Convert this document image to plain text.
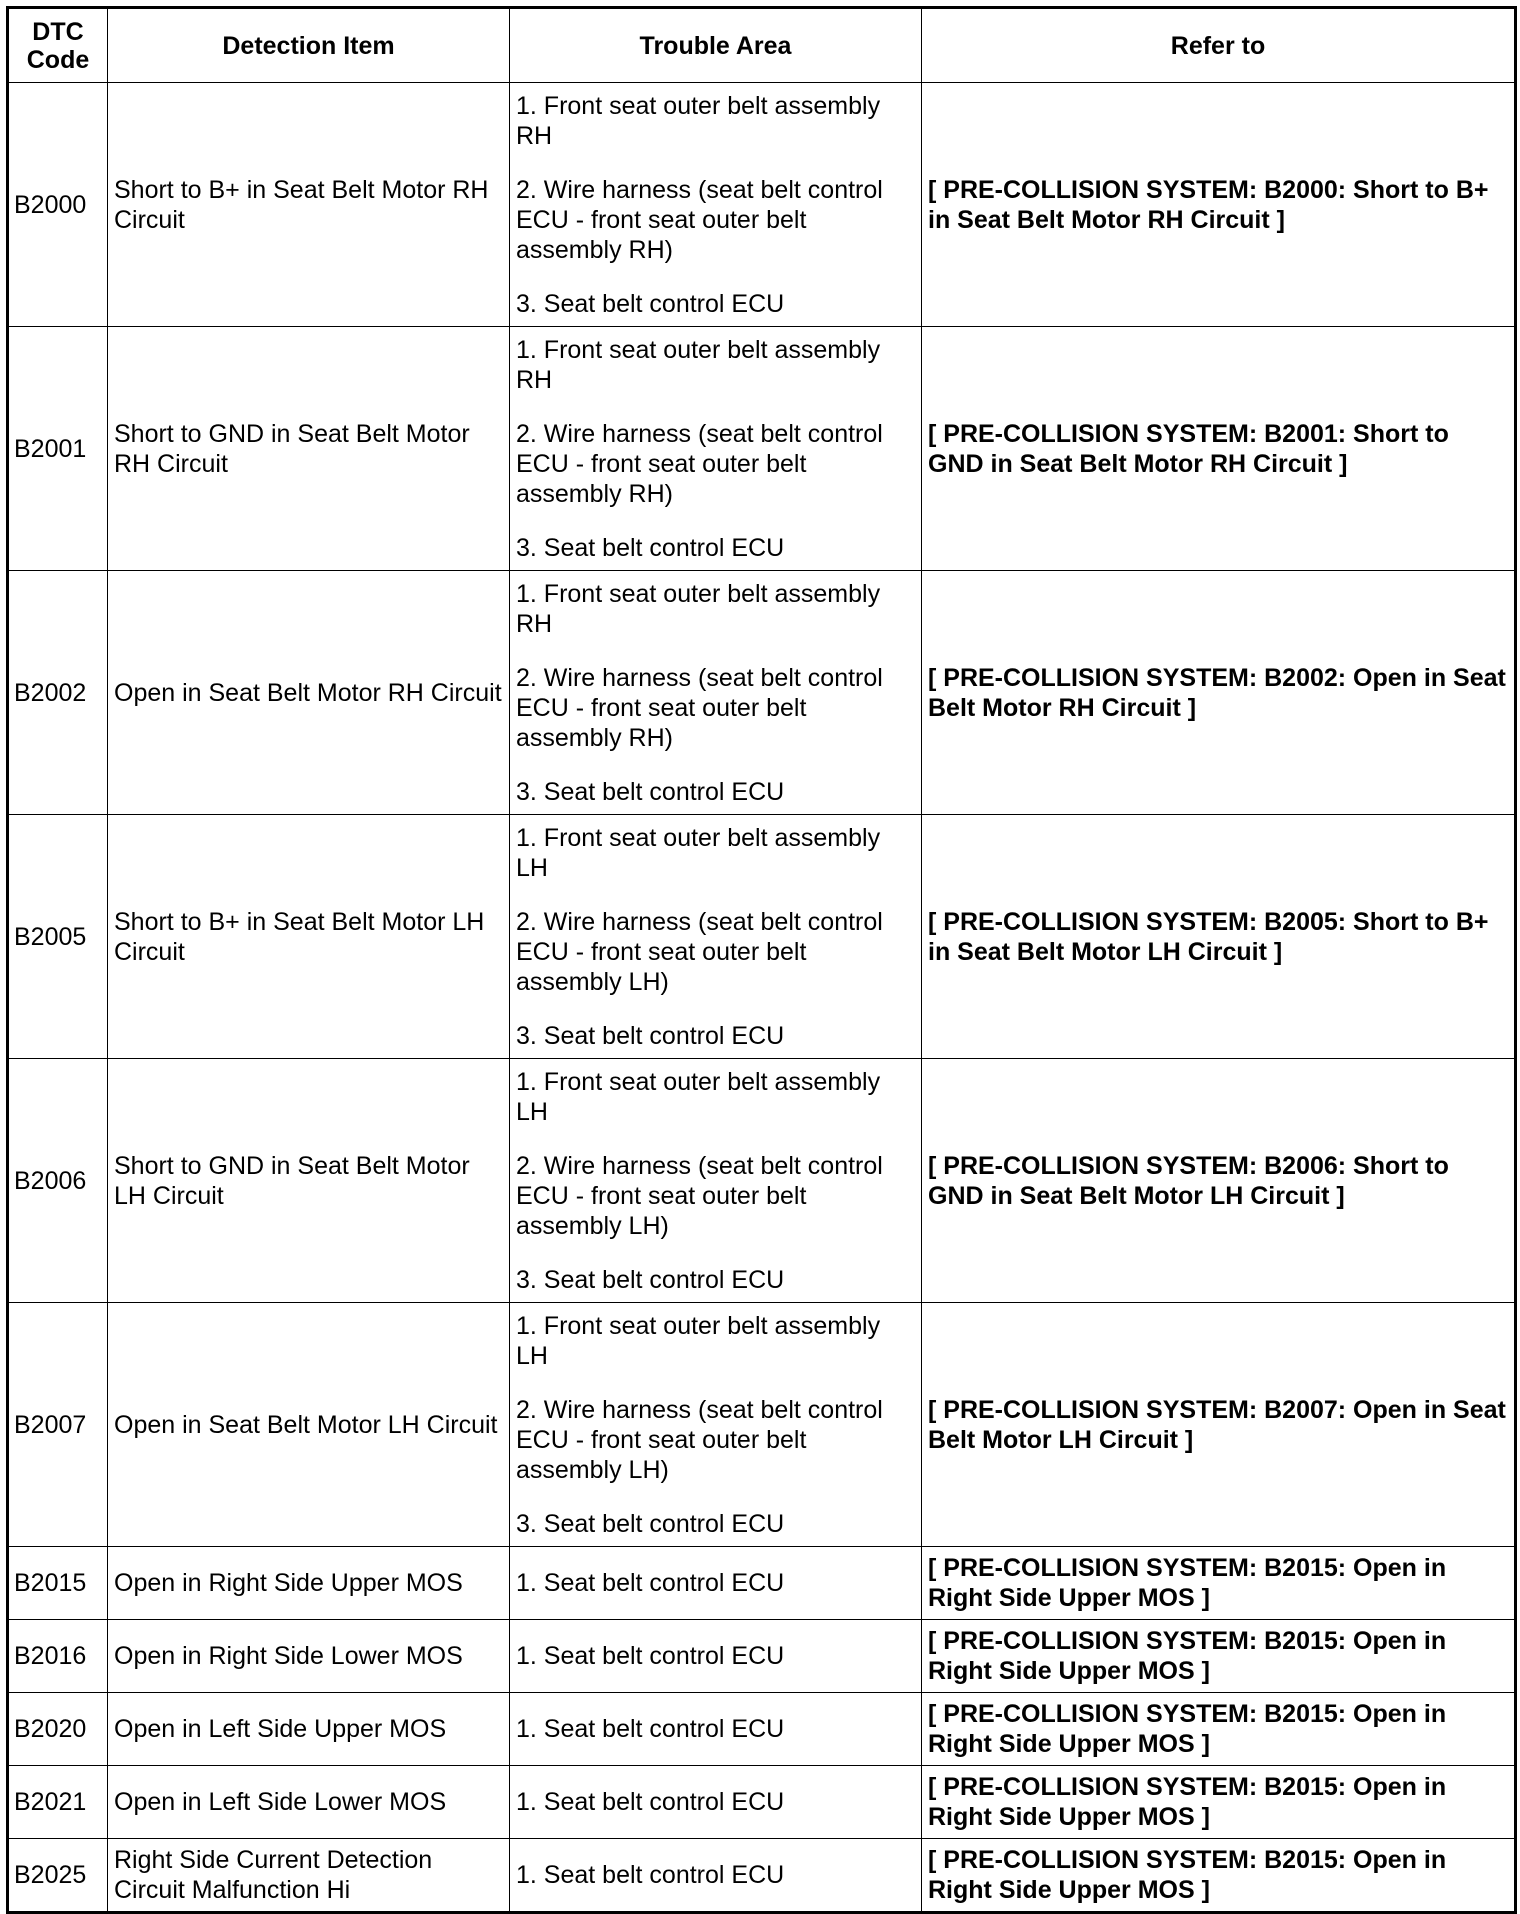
DTC Code	Detection Item	Trouble Area	Refer to
B2000	Short to B+ in Seat Belt Motor RH Circuit	1. Front seat outer belt assembly RH
2. Wire harness (seat belt control ECU - front seat outer belt assembly RH)
3. Seat belt control ECU	[ PRE-COLLISION SYSTEM: B2000: Short to B+ in Seat Belt Motor RH Circuit ]
B2001	Short to GND in Seat Belt Motor RH Circuit	1. Front seat outer belt assembly RH
2. Wire harness (seat belt control ECU - front seat outer belt assembly RH)
3. Seat belt control ECU	[ PRE-COLLISION SYSTEM: B2001: Short to GND in Seat Belt Motor RH Circuit ]
B2002	Open in Seat Belt Motor RH Circuit	1. Front seat outer belt assembly RH
2. Wire harness (seat belt control ECU - front seat outer belt assembly RH)
3. Seat belt control ECU	[ PRE-COLLISION SYSTEM: B2002: Open in Seat Belt Motor RH Circuit ]
B2005	Short to B+ in Seat Belt Motor LH Circuit	1. Front seat outer belt assembly LH
2. Wire harness (seat belt control ECU - front seat outer belt assembly LH)
3. Seat belt control ECU	[ PRE-COLLISION SYSTEM: B2005: Short to B+ in Seat Belt Motor LH Circuit ]
B2006	Short to GND in Seat Belt Motor LH Circuit	1. Front seat outer belt assembly LH
2. Wire harness (seat belt control ECU - front seat outer belt assembly LH)
3. Seat belt control ECU	[ PRE-COLLISION SYSTEM: B2006: Short to GND in Seat Belt Motor LH Circuit ]
B2007	Open in Seat Belt Motor LH Circuit	1. Front seat outer belt assembly LH
2. Wire harness (seat belt control ECU - front seat outer belt assembly LH)
3. Seat belt control ECU	[ PRE-COLLISION SYSTEM: B2007: Open in Seat Belt Motor LH Circuit ]
B2015	Open in Right Side Upper MOS	1. Seat belt control ECU	[ PRE-COLLISION SYSTEM: B2015: Open in Right Side Upper MOS ]
B2016	Open in Right Side Lower MOS	1. Seat belt control ECU	[ PRE-COLLISION SYSTEM: B2015: Open in Right Side Upper MOS ]
B2020	Open in Left Side Upper MOS	1. Seat belt control ECU	[ PRE-COLLISION SYSTEM: B2015: Open in Right Side Upper MOS ]
B2021	Open in Left Side Lower MOS	1. Seat belt control ECU	[ PRE-COLLISION SYSTEM: B2015: Open in Right Side Upper MOS ]
B2025	Right Side Current Detection Circuit Malfunction Hi	1. Seat belt control ECU	[ PRE-COLLISION SYSTEM: B2015: Open in Right Side Upper MOS ]
